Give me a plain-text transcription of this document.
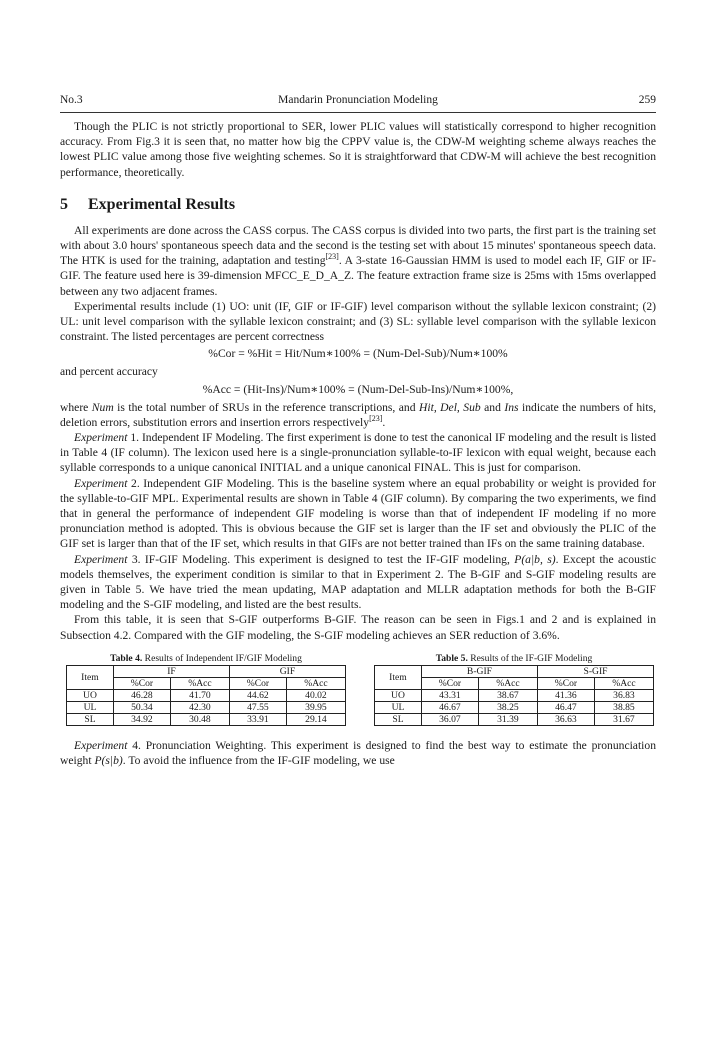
No.3	Mandarin Pronunciation Modeling	259

Though the PLIC is not strictly proportional to SER, lower PLIC values will statistically correspond to higher recognition accuracy. From Fig.3 it is seen that, no matter how big the CPPV value is, the CDW-M weighting scheme always reaches the lowest PLIC value among those five weighting schemes. So it is straightforward that CDW-M will achieve the best recognition performance, theoretically.

5 Experimental Results

All experiments are done across the CASS corpus. The CASS corpus is divided into two parts, the first part is the training set with about 3.0 hours' spontaneous speech data and the second is the testing set with about 15 minutes' spontaneous speech data. The HTK is used for the training, adaptation and testing[23]. A 3-state 16-Gaussian HMM is used to model each IF, GIF or IF-GIF. The feature used here is 39-dimension MFCC_E_D_A_Z. The feature extraction frame size is 25ms with 15ms overlapped between any two adjacent frames.

Experimental results include (1) UO: unit (IF, GIF or IF-GIF) level comparison without the syllable lexicon constraint; (2) UL: unit level comparison with the syllable lexicon constraint; and (3) SL: syllable level comparison with the syllable lexicon constraint. The listed percentages are percent correctness

%Cor = %Hit = Hit/Num∗100% = (Num-Del-Sub)/Num∗100%

and percent accuracy

%Acc = (Hit-Ins)/Num∗100% = (Num-Del-Sub-Ins)/Num∗100%,

where Num is the total number of SRUs in the reference transcriptions, and Hit, Del, Sub and Ins indicate the numbers of hits, deletion errors, substitution errors and insertion errors respectively[23].

Experiment 1. Independent IF Modeling. The first experiment is done to test the canonical IF modeling and the result is listed in Table 4 (IF column). The lexicon used here is a single-pronunciation syllable-to-IF lexicon with equal weight, because each syllable corresponds to a unique canonical INITIAL and a unique canonical FINAL. This is just for comparison.

Experiment 2. Independent GIF Modeling. This is the baseline system where an equal probability or weight is provided for the syllable-to-GIF MPL. Experimental results are shown in Table 4 (GIF column). By comparing the two experiments, we find that in general the performance of independent GIF modeling is worse than that of independent IF modeling if no more pronunciation method is adopted. This is obvious because the GIF set is larger than the IF set and obviously the PLIC of the GIF set is larger than that of the IF set, which results in that GIFs are not better trained than IFs on the same training database.

Experiment 3. IF-GIF Modeling. This experiment is designed to test the IF-GIF modeling, P(a|b, s). Except the acoustic models themselves, the experiment condition is similar to that in Experiment 2. The B-GIF and S-GIF modeling results are given in Table 5. We have tried the mean updating, MAP adaptation and MLLR adaptation methods for both the B-GIF modeling and the S-GIF modeling, and listed are the best results.

From this table, it is seen that S-GIF outperforms B-GIF. The reason can be seen in Figs.1 and 2 and is explained in Subsection 4.2. Compared with the GIF modeling, the S-GIF modeling achieves an SER reduction of 3.6%.

Table 4. Results of Independent IF/GIF Modeling
Item	IF		GIF	
	%Cor	%Acc	%Cor	%Acc
UO	46.28	41.70	44.62	40.02
UL	50.34	42.30	47.55	39.95
SL	34.92	30.48	33.91	29.14
Table 5. Results of the IF-GIF Modeling
Item	B-GIF		S-GIF	
	%Cor	%Acc	%Cor	%Acc
UO	43.31	38.67	41.36	36.83
UL	46.67	38.25	46.47	38.85
SL	36.07	31.39	36.63	31.67

Experiment 4. Pronunciation Weighting. This experiment is designed to find the best way to estimate the pronunciation weight P(s|b). To avoid the influence from the IF-GIF modeling, we use
